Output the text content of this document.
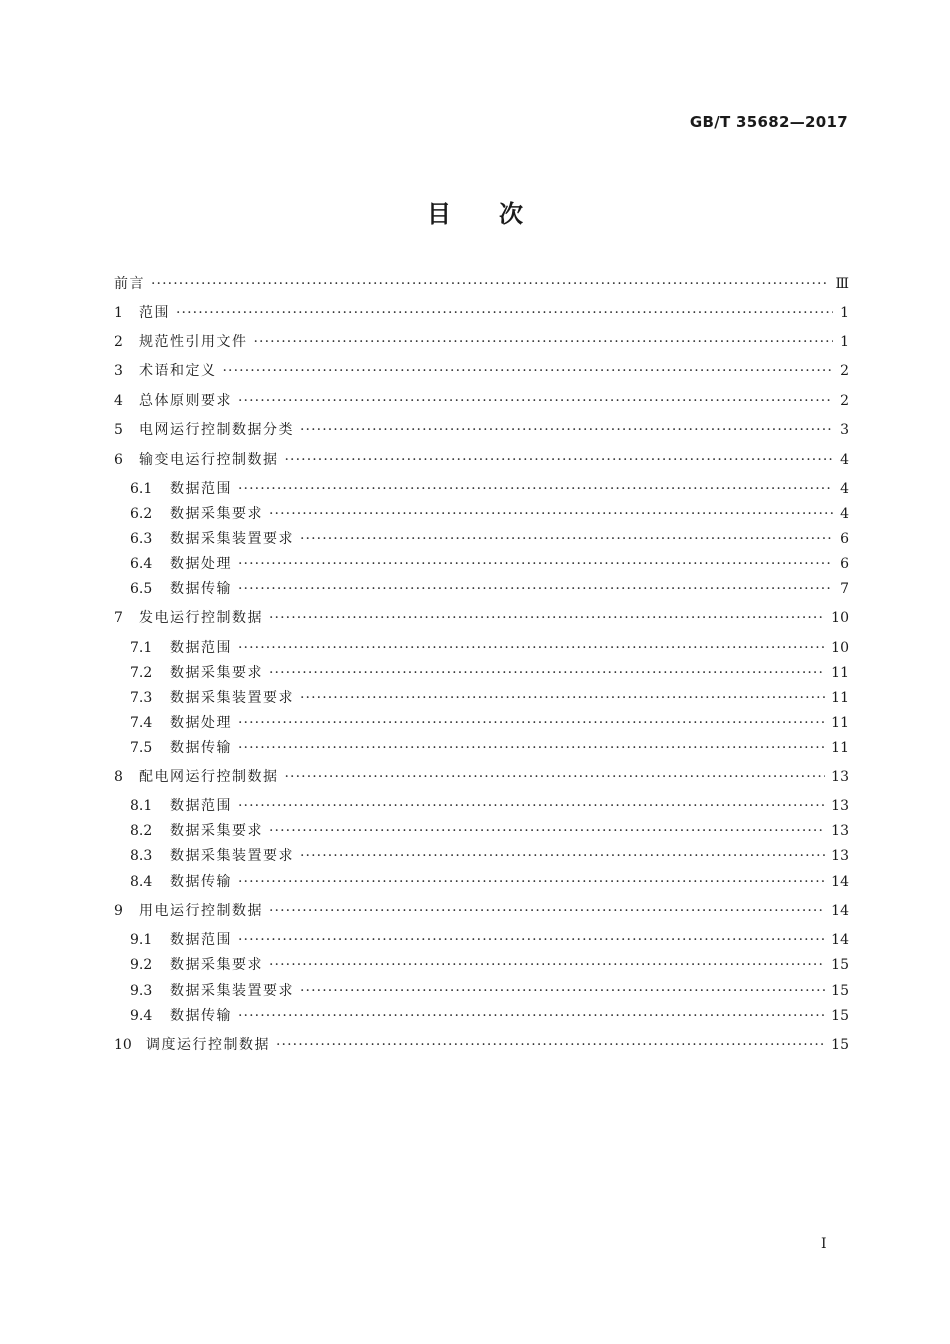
GB/T 35682—2017
目次
前言 ·····	Ⅲ
1	范围 ·····	1
2	规范性引用文件 ·····	1
3	术语和定义 ·····	2
4	总体原则要求 ·····	2
5	电网运行控制数据分类 ·····	3
6	输变电运行控制数据 ·····	4
6.1	数据范围 ·····	4
6.2	数据采集要求 ·····	4
6.3	数据采集装置要求 ·····	6
6.4	数据处理 ·····	6
6.5	数据传输 ·····	7
7	发电运行控制数据 ·····	10
7.1	数据范围 ·····	10
7.2	数据采集要求 ·····	11
7.3	数据采集装置要求 ·····	11
7.4	数据处理 ·····	11
7.5	数据传输 ·····	11
8	配电网运行控制数据 ·····	13
8.1	数据范围 ·····	13
8.2	数据采集要求 ·····	13
8.3	数据采集装置要求 ·····	13
8.4	数据传输 ·····	14
9	用电运行控制数据 ·····	14
9.1	数据范围 ·····	14
9.2	数据采集要求 ·····	15
9.3	数据采集装置要求 ·····	15
9.4	数据传输 ·····	15
10	调度运行控制数据 ·····	15
I
